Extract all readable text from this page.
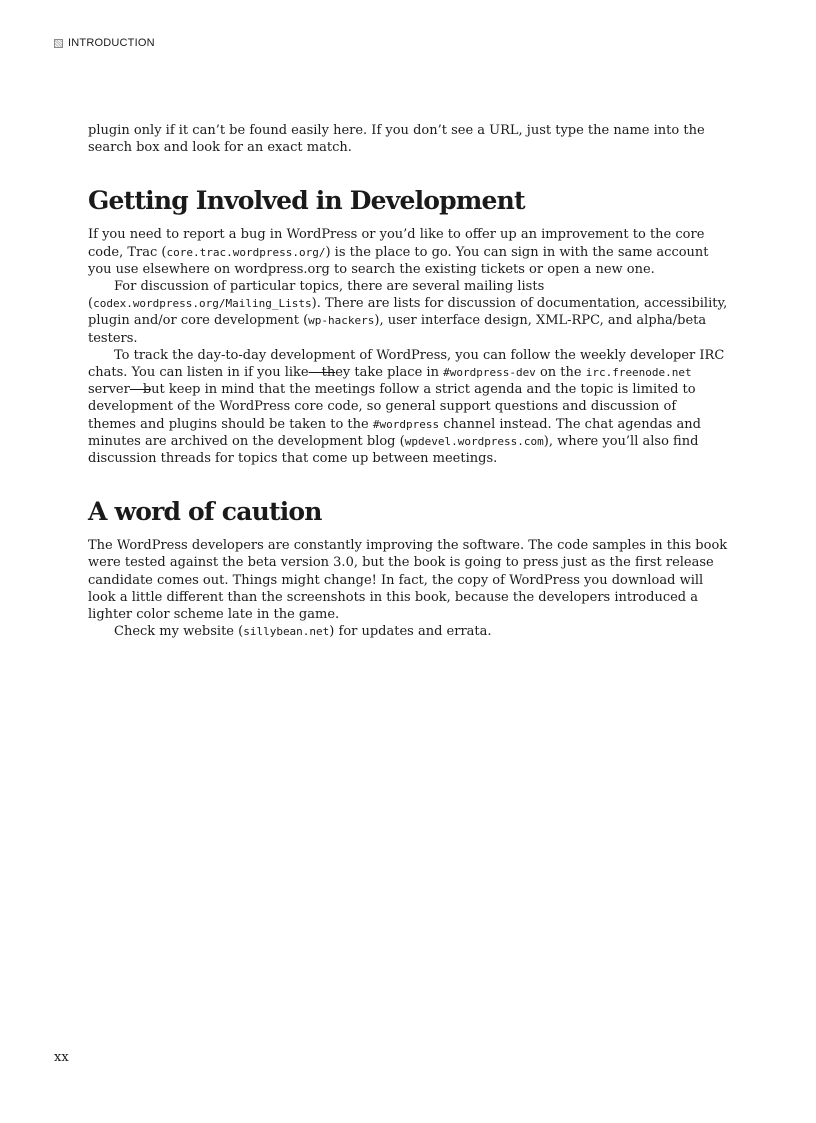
INTRODUCTION

plugin only if it can’t be found easily here. If you don’t see a URL, just type the name into the search box and look for an exact match.

Getting Involved in Development

If you need to report a bug in WordPress or you’d like to offer up an improvement to the core code, Trac (core.trac.wordpress.org/) is the place to go. You can sign in with the same account you use elsewhere on wordpress.org to search the existing tickets or open a new one.

For discussion of particular topics, there are several mailing lists (codex.wordpress.org/Mailing_Lists). There are lists for discussion of documentation, accessibility, plugin and/or core development (wp-hackers), user interface design, XML-RPC, and alpha/beta testers.

To track the day-to-day development of WordPress, you can follow the weekly developer IRC chats. You can listen in if you like—they take place in #wordpress-dev on the irc.freenode.net server—but keep in mind that the meetings follow a strict agenda and the topic is limited to development of the WordPress core code, so general support questions and discussion of themes and plugins should be taken to the #wordpress channel instead. The chat agendas and minutes are archived on the development blog (wpdevel.wordpress.com), where you’ll also find discussion threads for topics that come up between meetings.

A word of caution

The WordPress developers are constantly improving the software. The code samples in this book were tested against the beta version 3.0, but the book is going to press just as the first release candidate comes out. Things might change! In fact, the copy of WordPress you download will look a little different than the screenshots in this book, because the developers introduced a lighter color scheme late in the game.

Check my website (sillybean.net) for updates and errata.

xx
